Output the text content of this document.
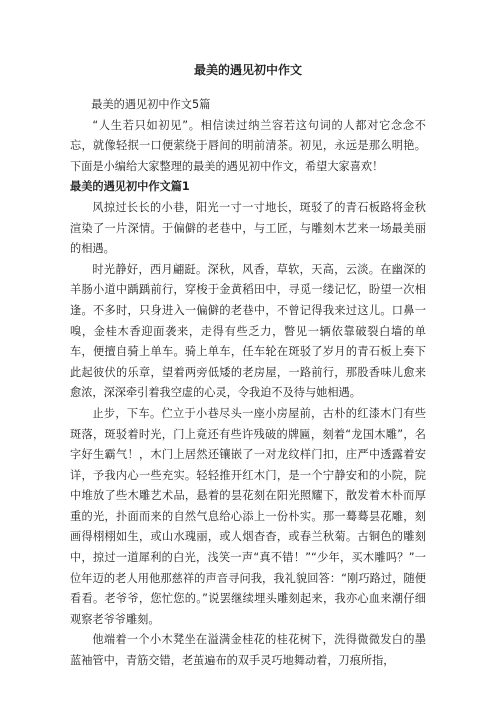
最美的遇见初中作文

最美的遇见初中作文5篇

“人生若只如初见”。相信读过纳兰容若这句词的人都对它念念不忘，就像轻抿一口便萦绕于唇间的明前清茶。初见，永远是那么明艳。下面是小编给大家整理的最美的遇见初中作文，希望大家喜欢！

最美的遇见初中作文篇1

风掠过长长的小巷，阳光一寸一寸地长，斑驳了的青石板路将金秋渲染了一片深情。于偏僻的老巷中，与工匠，与雕刻木艺来一场最美丽的相遇。

时光静好，西月翩跹。深秋，风香，草软，天高，云淡。在幽深的羊肠小道中踽踽前行，穿梭于金黄稻田中，寻觅一缕记忆，盼望一次相逢。不多时，只身进入一偏僻的老巷中，不曾记得我来过这儿。口鼻一嗅，金桂木香迎面袭来，走得有些乏力，瞥见一辆依靠破裂白墙的单车，便擅自骑上单车。骑上单车，任车轮在斑驳了岁月的青石板上奏下此起彼伏的乐章，望着两旁低矮的老房屋，一路前行，那股香味儿愈来愈浓，深深牵引着我空虚的心灵，令我迫不及待与她相遇。

止步，下车。伫立于小巷尽头一座小房屋前，古朴的红漆木门有些斑落，斑驳着时光，门上竟还有些许残破的牌匾，刻着“龙国木雕”，名字好生霸气！，木门上居然还镶嵌了一对龙纹样门扣，庄严中透露着安详，予我内心一些充实。轻轻推开红木门，是一个宁静安和的小院，院中堆放了些木雕艺术品，悬着的昙花刻在阳光照耀下，散发着木朴而厚重的光，扑面而来的自然气息给心添上一份朴实。那一蓦蓦昙花雕，刻画得栩栩如生，或山水瑰丽，或人烟杳杳，或春兰秋菊。古铜色的雕刻中，掠过一道犀利的白光，浅笑一声“真不错！”“少年，买木雕吗？”一位年迈的老人用他那慈祥的声音寻问我，我礼貌回答：“刚巧路过，随便看看。老爷爷，您忙您的。”说罢继续埋头雕刻起来，我亦心血来潮仔细观察老爷爷雕刻。

他端着一个小木凳坐在溢满金桂花的桂花树下，洗得微微发白的墨蓝袖管中，青筋交错，老茧遍布的双手灵巧地舞动着，刀痕所指，
